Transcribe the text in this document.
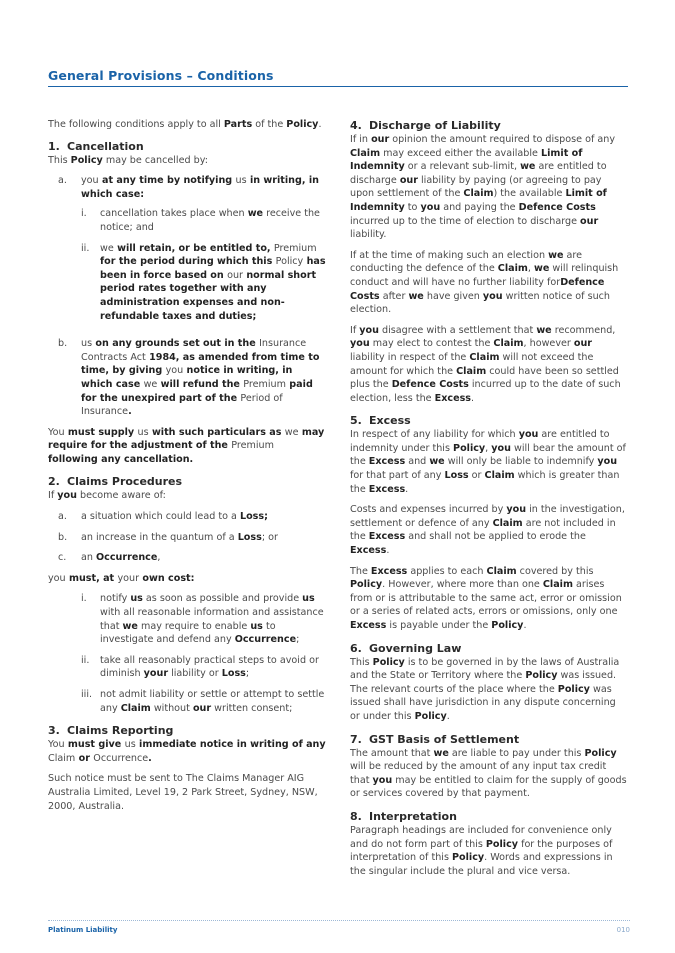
General Provisions – Conditions

The following conditions apply to all Parts of the Policy.

1. Cancellation

This Policy may be cancelled by:

a.	you at any time by notifying us in writing, in which case:
i.	cancellation takes place when we receive the notice; and
ii.	we will retain, or be entitled to, Premium for the period during which this Policy has been in force based on our normal short period rates together with any administration expenses and non-refundable taxes and duties;
b.	us on any grounds set out in the Insurance Contracts Act 1984, as amended from time to time, by giving you notice in writing, in which case we will refund the Premium paid for the unexpired part of the Period of Insurance.

You must supply us with such particulars as we may require for the adjustment of the Premium following any cancellation.

2. Claims Procedures

If you become aware of:

a.	a situation which could lead to a Loss;
b.	an increase in the quantum of a Loss; or
c.	an Occurrence,

you must, at your own cost:

i.	notify us as soon as possible and provide us with all reasonable information and assistance that we may require to enable us to investigate and defend any Occurrence;
ii.	take all reasonably practical steps to avoid or diminish your liability or Loss;
iii. not admit liability or settle or attempt to settle any Claim without our written consent;
3. Claims Reporting

You must give us immediate notice in writing of any Claim or Occurrence.

Such notice must be sent to The Claims Manager AIG Australia Limited, Level 19, 2 Park Street, Sydney, NSW, 2000, Australia.

4. Discharge of Liability

If in our opinion the amount required to dispose of any Claim may exceed either the available Limit of Indemnity or a relevant sub-limit, we are entitled to discharge our liability by paying (or agreeing to pay upon settlement of the Claim) the available Limit of Indemnity to you and paying the Defence Costs incurred up to the time of election to discharge our liability.

If at the time of making such an election we are conducting the defence of the Claim, we will relinquish conduct and will have no further liability forDefence Costs after we have given you written notice of such election.

If you disagree with a settlement that we recommend, you may elect to contest the Claim, however our liability in respect of the Claim will not exceed the amount for which the Claim could have been so settled plus the Defence Costs incurred up to the date of such election, less the Excess.

5. Excess

In respect of any liability for which you are entitled to indemnity under this Policy, you will bear the amount of the Excess and we will only be liable to indemnify you for that part of any Loss or Claim which is greater than the Excess.

Costs and expenses incurred by you in the investigation, settlement or defence of any Claim are not included in the Excess and shall not be applied to erode the Excess.

The Excess applies to each Claim covered by this Policy. However, where more than one Claim arises from or is attributable to the same act, error or omission or a series of related acts, errors or omissions, only one Excess is payable under the Policy.

6. Governing Law

This Policy is to be governed in by the laws of Australia and the State or Territory where the Policy was issued. The relevant courts of the place where the Policy was issued shall have jurisdiction in any dispute concerning or under this Policy.

7. GST Basis of Settlement

The amount that we are liable to pay under this Policy will be reduced by the amount of any input tax credit that you may be entitled to claim for the supply of goods or services covered by that payment.

8. Interpretation

Paragraph headings are included for convenience only and do not form part of this Policy for the purposes of interpretation of this Policy. Words and expressions in the singular include the plural and vice versa.

Platinum Liability	010
